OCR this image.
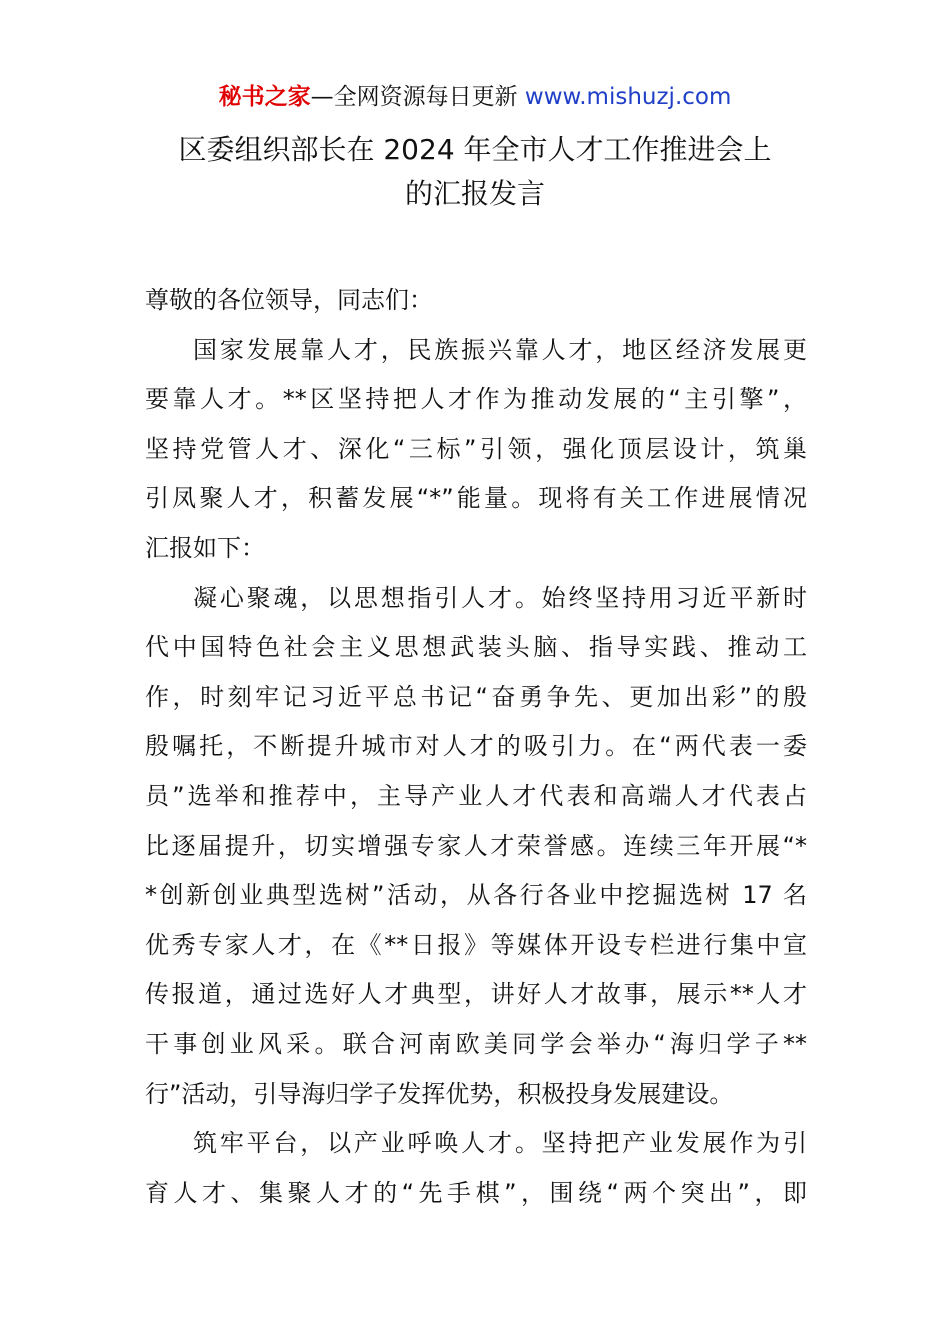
秘书之家—全网资源每日更新 www.mishuzj.com
区委组织部长在 2024 年全市人才工作推进会上
的汇报发言
尊敬的各位领导，同志们：
国家发展靠人才，民族振兴靠人才，地区经济发展更
要靠人才。**区坚持把人才作为推动发展的“主引擎”，
坚持党管人才、深化“三标”引领，强化顶层设计，筑巢
引凤聚人才，积蓄发展“*”能量。现将有关工作进展情况
汇报如下：
凝心聚魂，以思想指引人才。始终坚持用习近平新时
代中国特色社会主义思想武装头脑、指导实践、推动工
作，时刻牢记习近平总书记“奋勇争先、更加出彩”的殷
殷嘱托，不断提升城市对人才的吸引力。在“两代表一委
员”选举和推荐中，主导产业人才代表和高端人才代表占
比逐届提升，切实增强专家人才荣誉感。连续三年开展“*
*创新创业典型选树”活动，从各行各业中挖掘选树 17 名
优秀专家人才，在《**日报》等媒体开设专栏进行集中宣
传报道，通过选好人才典型，讲好人才故事，展示**人才
干事创业风采。联合河南欧美同学会举办“海归学子**
行”活动，引导海归学子发挥优势，积极投身发展建设。
筑牢平台，以产业呼唤人才。坚持把产业发展作为引
育人才、集聚人才的“先手棋”，围绕“两个突出”，即
